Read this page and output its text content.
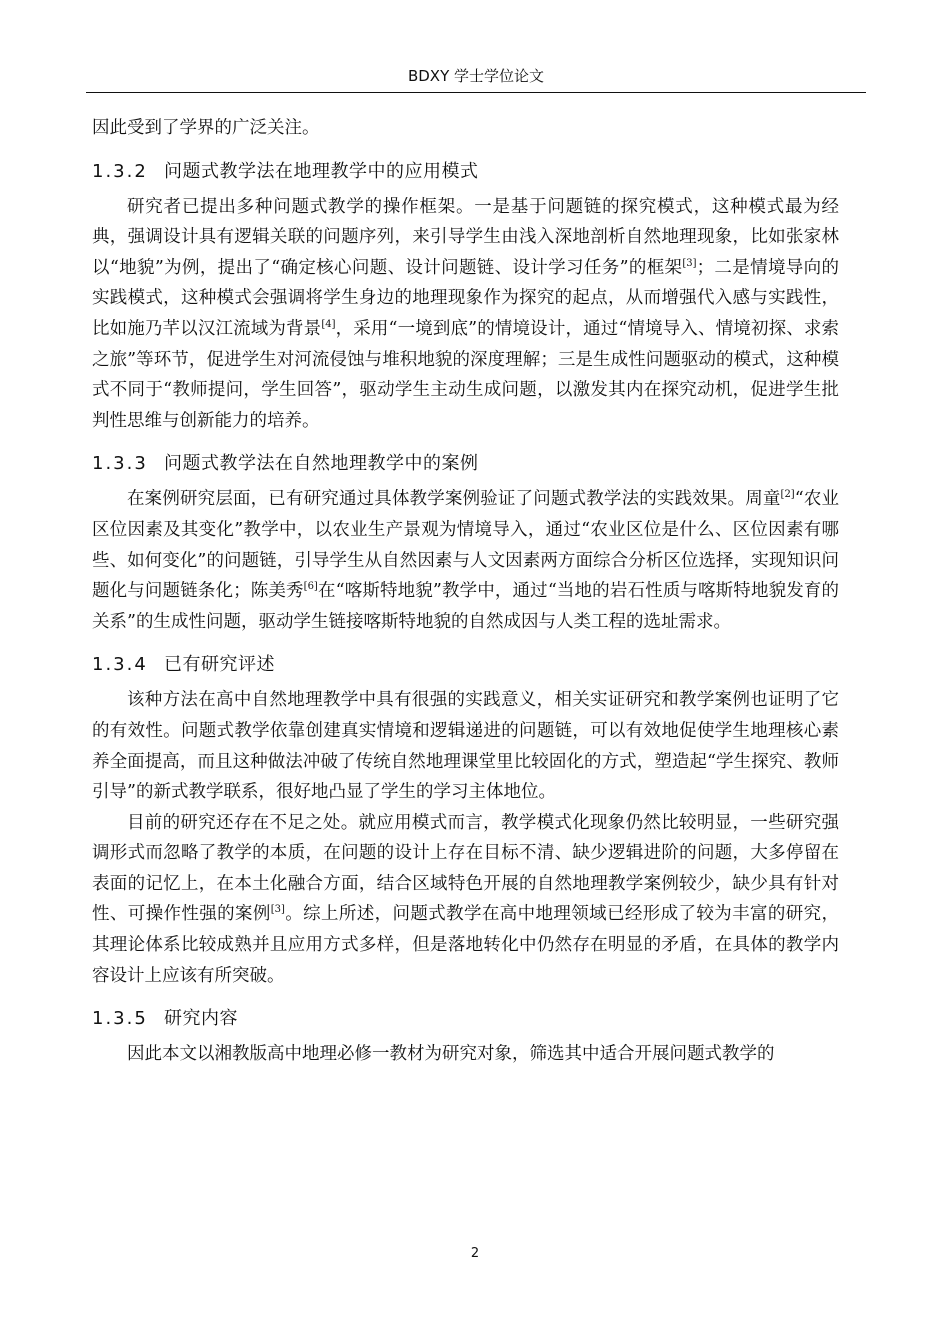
BDXY 学士学位论文

因此受到了学界的广泛关注。

1.3.2 问题式教学法在地理教学中的应用模式

研究者已提出多种问题式教学的操作框架。一是基于问题链的探究模式，这种模式最为经典，强调设计具有逻辑关联的问题序列，来引导学生由浅入深地剖析自然地理现象，比如张家林以“地貌”为例，提出了“确定核心问题、设计问题链、设计学习任务”的框架[3]；二是情境导向的实践模式，这种模式会强调将学生身边的地理现象作为探究的起点，从而增强代入感与实践性，比如施乃芊以汉江流域为背景[4]，采用“一境到底”的情境设计，通过“情境导入、情境初探、求索之旅”等环节，促进学生对河流侵蚀与堆积地貌的深度理解；三是生成性问题驱动的模式，这种模式不同于“教师提问，学生回答”，驱动学生主动生成问题，以激发其内在探究动机，促进学生批判性思维与创新能力的培养。

1.3.3 问题式教学法在自然地理教学中的案例

在案例研究层面，已有研究通过具体教学案例验证了问题式教学法的实践效果。周童[2]“农业区位因素及其变化”教学中，以农业生产景观为情境导入，通过“农业区位是什么、区位因素有哪些、如何变化”的问题链，引导学生从自然因素与人文因素两方面综合分析区位选择，实现知识问题化与问题链条化；陈美秀[6]在“喀斯特地貌”教学中，通过“当地的岩石性质与喀斯特地貌发育的关系”的生成性问题，驱动学生链接喀斯特地貌的自然成因与人类工程的选址需求。

1.3.4 已有研究评述

该种方法在高中自然地理教学中具有很强的实践意义，相关实证研究和教学案例也证明了它的有效性。问题式教学依靠创建真实情境和逻辑递进的问题链，可以有效地促使学生地理核心素养全面提高，而且这种做法冲破了传统自然地理课堂里比较固化的方式，塑造起“学生探究、教师引导”的新式教学联系，很好地凸显了学生的学习主体地位。

目前的研究还存在不足之处。就应用模式而言，教学模式化现象仍然比较明显，一些研究强调形式而忽略了教学的本质，在问题的设计上存在目标不清、缺少逻辑进阶的问题，大多停留在表面的记忆上，在本土化融合方面，结合区域特色开展的自然地理教学案例较少，缺少具有针对性、可操作性强的案例[3]。综上所述，问题式教学在高中地理领域已经形成了较为丰富的研究，其理论体系比较成熟并且应用方式多样，但是落地转化中仍然存在明显的矛盾，在具体的教学内容设计上应该有所突破。

1.3.5 研究内容

因此本文以湘教版高中地理必修一教材为研究对象，筛选其中适合开展问题式教学的

2
